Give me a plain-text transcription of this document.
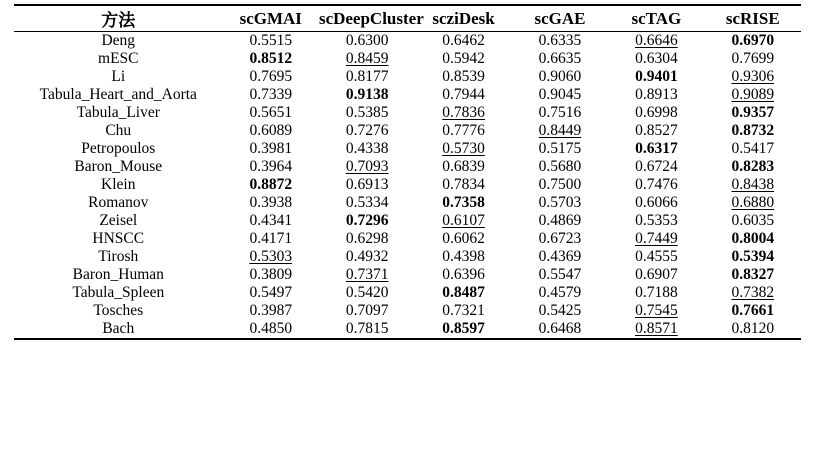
方法	scGMAI	scDeepCluster	scziDesk	scGAE	scTAG	scRISE

Deng	0.5515	0.6300	0.6462	0.6335	0.6646	0.6970
mESC	0.8512	0.8459	0.5942	0.6635	0.6304	0.7699
Li	0.7695	0.8177	0.8539	0.9060	0.9401	0.9306
Tabula_Heart_and_Aorta	0.7339	0.9138	0.7944	0.9045	0.8913	0.9089
Tabula_Liver	0.5651	0.5385	0.7836	0.7516	0.6998	0.9357
Chu	0.6089	0.7276	0.7776	0.8449	0.8527	0.8732
Petropoulos	0.3981	0.4338	0.5730	0.5175	0.6317	0.5417
Baron_Mouse	0.3964	0.7093	0.6839	0.5680	0.6724	0.8283
Klein	0.8872	0.6913	0.7834	0.7500	0.7476	0.8438
Romanov	0.3938	0.5334	0.7358	0.5703	0.6066	0.6880
Zeisel	0.4341	0.7296	0.6107	0.4869	0.5353	0.6035
HNSCC	0.4171	0.6298	0.6062	0.6723	0.7449	0.8004
Tirosh	0.5303	0.4932	0.4398	0.4369	0.4555	0.5394
Baron_Human	0.3809	0.7371	0.6396	0.5547	0.6907	0.8327
Tabula_Spleen	0.5497	0.5420	0.8487	0.4579	0.7188	0.7382
Tosches	0.3987	0.7097	0.7321	0.5425	0.7545	0.7661
Bach	0.4850	0.7815	0.8597	0.6468	0.8571	0.8120
